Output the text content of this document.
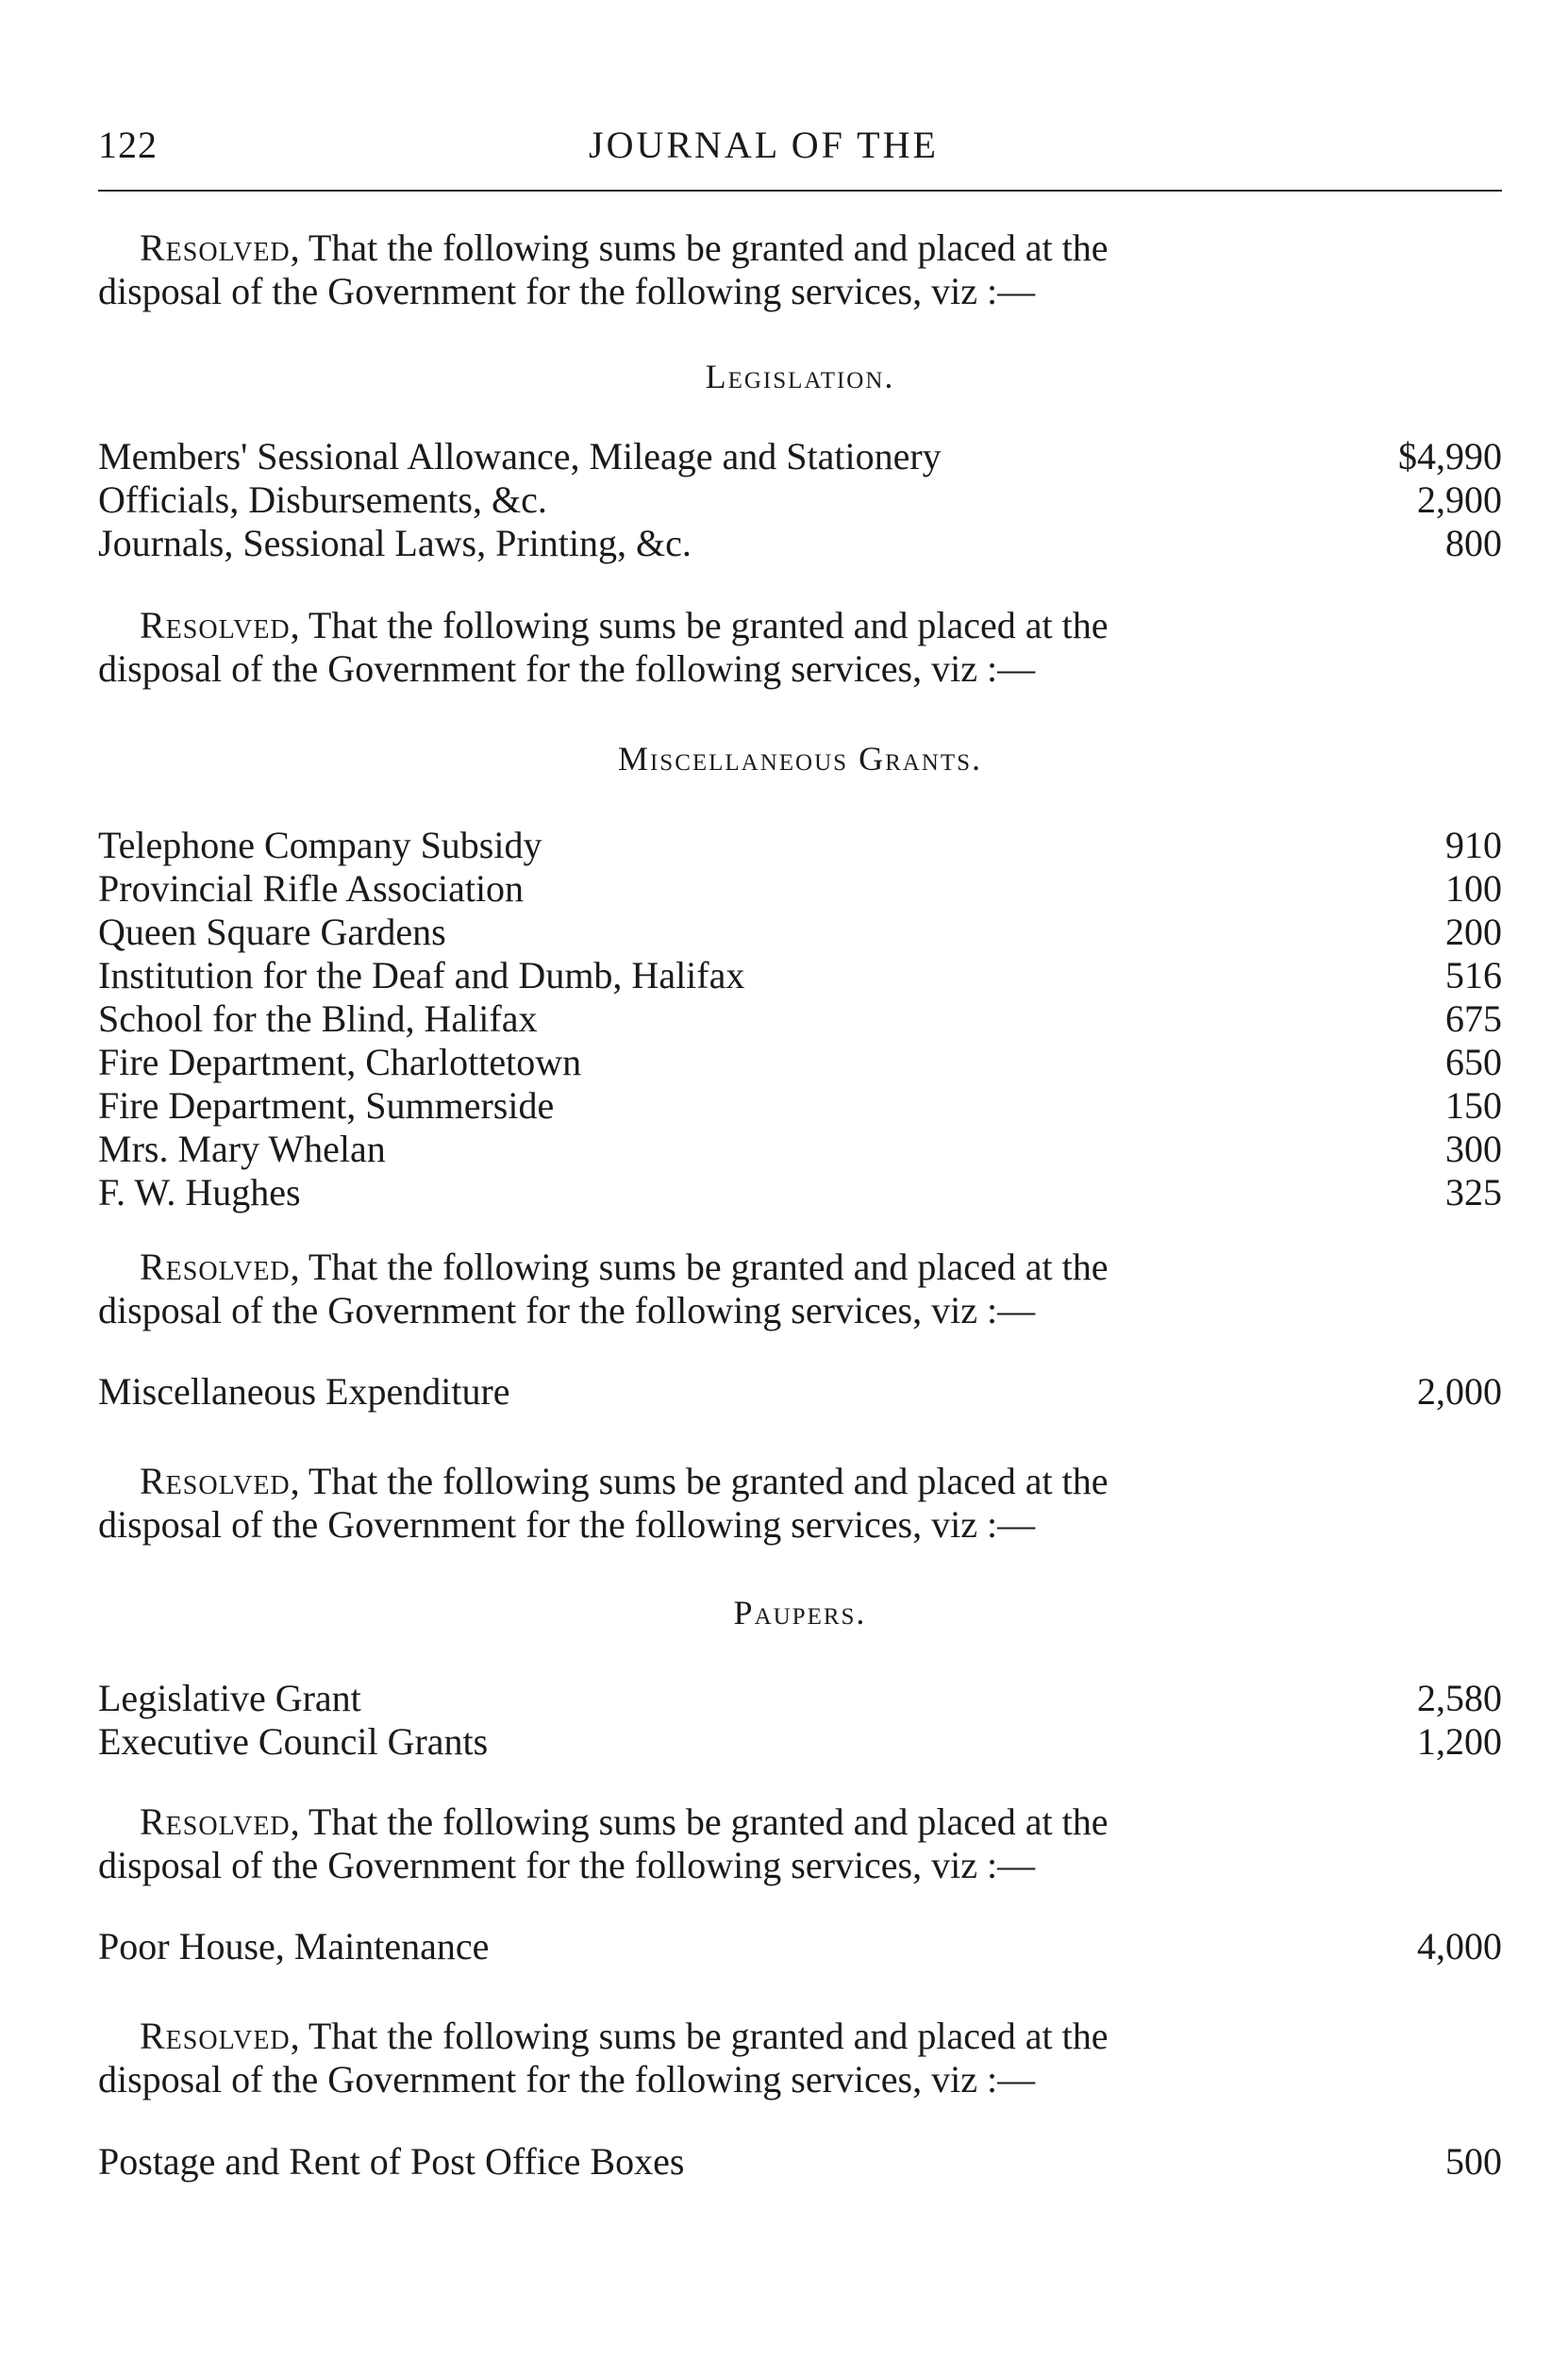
122	JOURNAL OF THE
Resolved, That the following sums be granted and placed at the
disposal of the Government for the following services, viz :—
Legislation.
Members' Sessional Allowance, Mileage and Stationery	$4,990
Officials, Disbursements, &c.	2,900
Journals, Sessional Laws, Printing, &c.	800
Resolved, That the following sums be granted and placed at the
disposal of the Government for the following services, viz :—
Miscellaneous Grants.
Telephone Company Subsidy	910
Provincial Rifle Association	100
Queen Square Gardens	200
Institution for the Deaf and Dumb, Halifax	516
School for the Blind, Halifax	675
Fire Department, Charlottetown	650
Fire Department, Summerside	150
Mrs. Mary Whelan	300
F. W. Hughes	325
Resolved, That the following sums be granted and placed at the
disposal of the Government for the following services, viz :—
Miscellaneous Expenditure	2,000
Resolved, That the following sums be granted and placed at the
disposal of the Government for the following services, viz :—
Paupers.
Legislative Grant	2,580
Executive Council Grants	1,200
Resolved, That the following sums be granted and placed at the
disposal of the Government for the following services, viz :—
Poor House, Maintenance	4,000
Resolved, That the following sums be granted and placed at the
disposal of the Government for the following services, viz :—
Postage and Rent of Post Office Boxes	500
